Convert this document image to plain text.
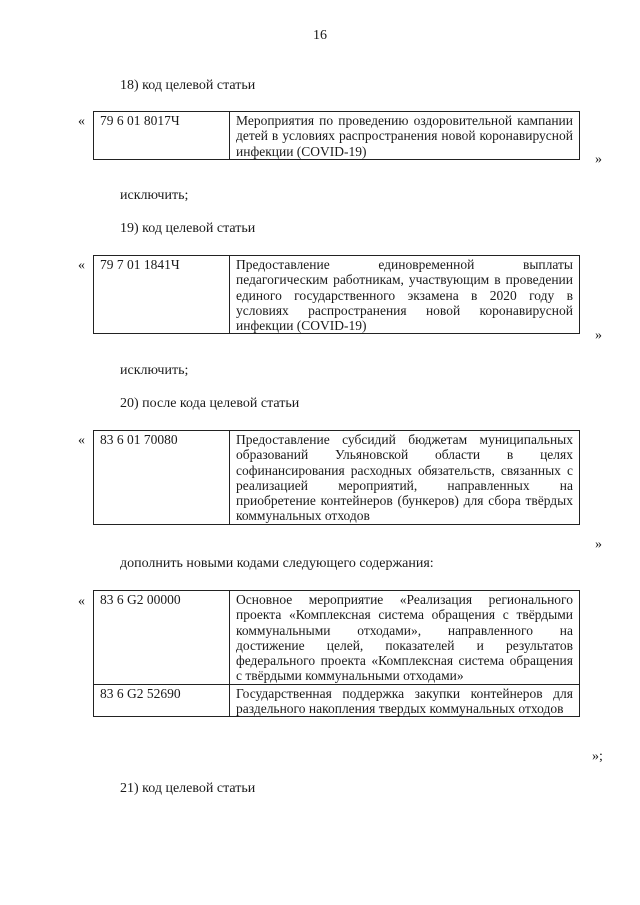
16
18) код целевой статьи
« 79 6 01 8017Ч	Мероприятия по проведению оздоровительной кампании детей в условиях распространения новой коронавирусной инфекции (COVID-19)
»
исключить;
19) код целевой статьи
« 79 7 01 1841Ч	Предоставление единовременной выплаты педагогическим работникам, участвующим в проведении единого государственного экзамена в 2020 году в условиях распространения новой коронавирусной инфекции (COVID-19)
»
исключить;
20) после кода целевой статьи
« 83 6 01 70080	Предоставление субсидий бюджетам муниципальных образований Ульяновской области в целях софинансирования расходных обязательств, связанных с реализацией мероприятий, направленных на приобретение контейнеров (бункеров) для сбора твёрдых коммунальных отходов
»
дополнить новыми кодами следующего содержания:
« 83 6 G2 00000	Основное мероприятие «Реализация регионального проекта «Комплексная система обращения с твёрдыми коммунальными отходами», направленного на достижение целей, показателей и результатов федерального проекта «Комплексная система обращения с твёрдыми коммунальными отходами»
83 6 G2 52690	Государственная поддержка закупки контейнеров для раздельного накопления твердых коммунальных отходов
»;
21) код целевой статьи
